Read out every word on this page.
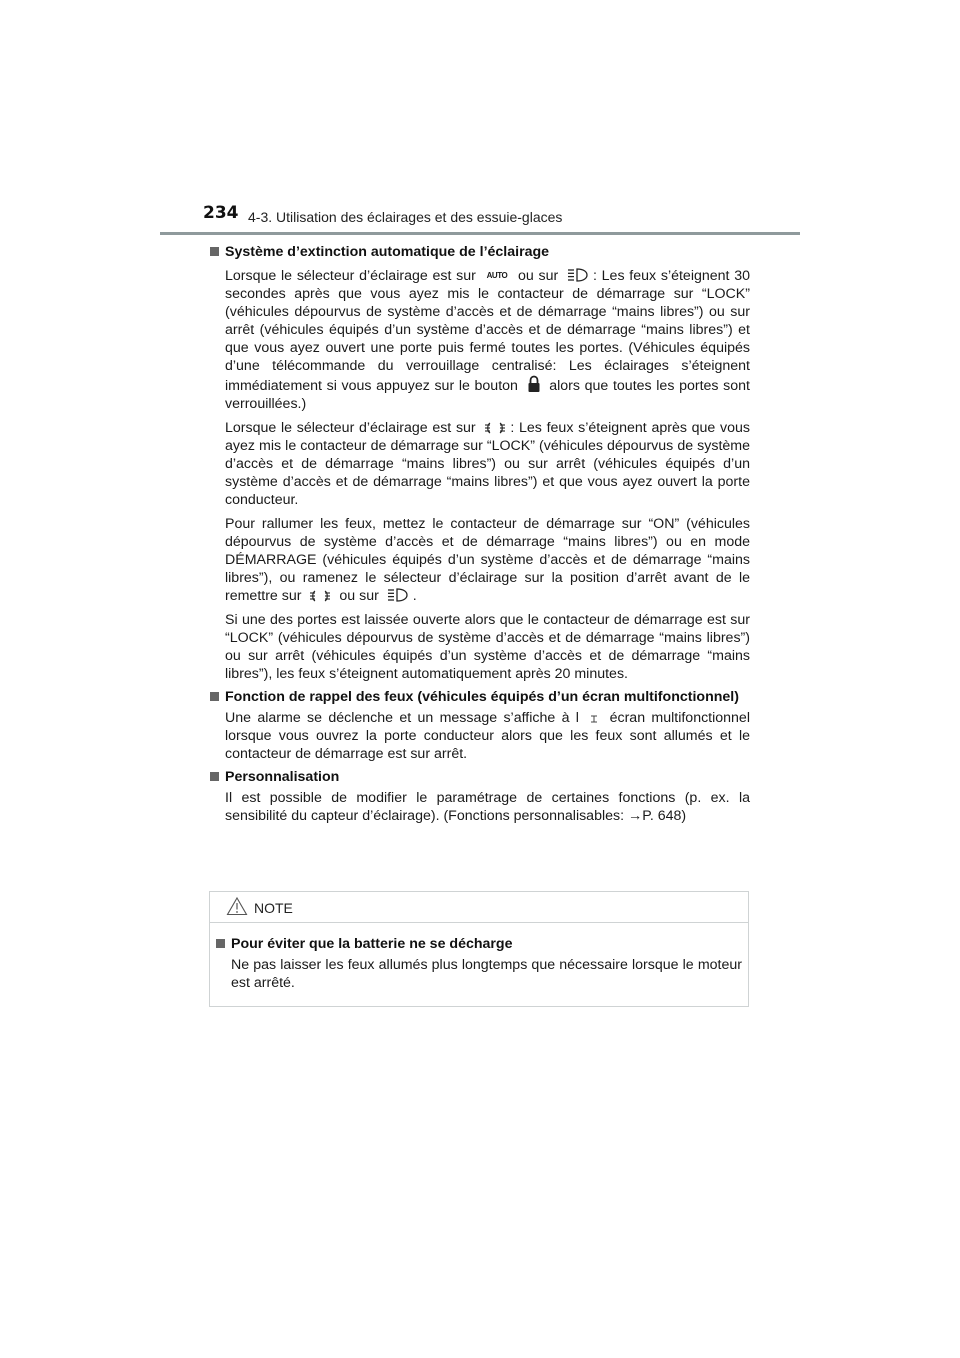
234 4-3. Utilisation des éclairages et des essuie-glaces
Système d’extinction automatique de l’éclairage
Lorsque le sélecteur d’éclairage est sur AUTO ou sur : Les feux s’éteignent 30 secondes après que vous ayez mis le contacteur de démarrage sur “LOCK” (véhicules dépourvus de système d’accès et de démarrage “mains libres”) ou sur arrêt (véhicules équipés d’un système d’accès et de démarrage “mains libres”) et que vous ayez ouvert une porte puis fermé toutes les portes. (Véhicules équipés d’une télécommande du verrouillage centralisé: Les éclairages s’éteignent immédiatement si vous appuyez sur le bouton alors que toutes les portes sont verrouillées.)
Lorsque le sélecteur d’éclairage est sur : Les feux s’éteignent après que vous ayez mis le contacteur de démarrage sur “LOCK” (véhicules dépourvus de système d’accès et de démarrage “mains libres”) ou sur arrêt (véhicules équipés d’un système d’accès et de démarrage “mains libres”) et que vous ayez ouvert la porte conducteur.
Pour rallumer les feux, mettez le contacteur de démarrage sur “ON” (véhicules dépourvus de système d’accès et de démarrage “mains libres”) ou en mode DÉMARRAGE (véhicules équipés d’un système d’accès et de démarrage “mains libres”), ou ramenez le sélecteur d’éclairage sur la position d’arrêt avant de le remettre sur	ou sur .
Si une des portes est laissée ouverte alors que le contacteur de démarrage est sur “LOCK” (véhicules dépourvus de système d’accès et de démarrage “mains libres”) ou sur arrêt (véhicules équipés d’un système d’accès et de démarrage “mains libres”), les feux s’éteignent automatiquement après 20 minutes.
Fonction de rappel des feux (véhicules équipés d’un écran multifonctionnel)
Une alarme se déclenche et un message s’affiche à l écran multifonctionnel lorsque vous ouvrez la porte conducteur alors que les feux sont allumés et le contacteur de démarrage est sur arrêt.
Personnalisation
Il est possible de modifier le paramétrage de certaines fonctions (p. ex. la sensibilité du capteur d’éclairage). (Fonctions personnalisables: →P. 648)
NOTE
Pour éviter que la batterie ne se décharge
Ne pas laisser les feux allumés plus longtemps que nécessaire lorsque le moteur est arrêté.
